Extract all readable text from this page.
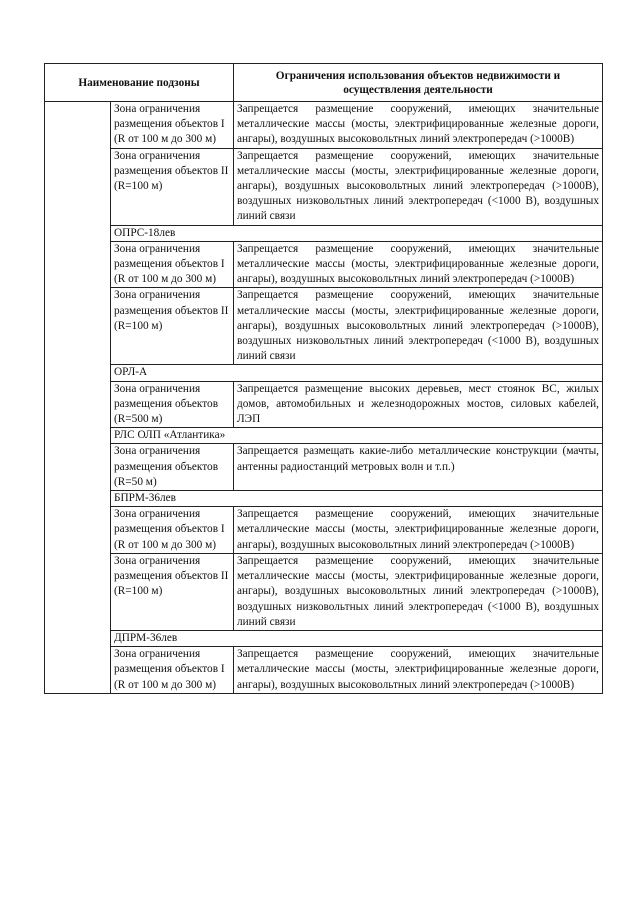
Наименование подзоны		Ограничения использования объектов недвижимости и осуществления деятельности
	Зона ограничения размещения объектов I (R от 100 м до 300 м)	Запрещается размещение сооружений, имеющих значительные металлические массы (мосты, электрифицированные железные дороги, ангары), воздушных высоковольтных линий электропередач (>1000В)
	Зона ограничения размещения объектов II (R=100 м)	Запрещается размещение сооружений, имеющих значительные металлические массы (мосты, электрифицированные железные дороги, ангары), воздушных высоковольтных линий электропередач (>1000В), воздушных низковольтных линий электропередач (<1000 В), воздушных линий связи
	ОПРС-18лев	
	Зона ограничения размещения объектов I (R от 100 м до 300 м)	Запрещается размещение сооружений, имеющих значительные металлические массы (мосты, электрифицированные железные дороги, ангары), воздушных высоковольтных линий электропередач (>1000В)
	Зона ограничения размещения объектов II (R=100 м)	Запрещается размещение сооружений, имеющих значительные металлические массы (мосты, электрифицированные железные дороги, ангары), воздушных высоковольтных линий электропередач (>1000В), воздушных низковольтных линий электропередач (<1000 В), воздушных линий связи
	ОРЛ-А	
	Зона ограничения размещения объектов (R=500 м)	Запрещается размещение высоких деревьев, мест стоянок ВС, жилых домов, автомобильных и железнодорожных мостов, силовых кабелей, ЛЭП
	РЛС ОЛП «Атлантика»	
	Зона ограничения размещения объектов (R=50 м)	Запрещается размещать какие-либо металлические конструкции (мачты, антенны радиостанций метровых волн и т.п.)
	БПРМ-36лев	
	Зона ограничения размещения объектов I (R от 100 м до 300 м)	Запрещается размещение сооружений, имеющих значительные металлические массы (мосты, электрифицированные железные дороги, ангары), воздушных высоковольтных линий электропередач (>1000В)
	Зона ограничения размещения объектов II (R=100 м)	Запрещается размещение сооружений, имеющих значительные металлические массы (мосты, электрифицированные железные дороги, ангары), воздушных высоковольтных линий электропередач (>1000В), воздушных низковольтных линий электропередач (<1000 В), воздушных линий связи
	ДПРМ-36лев	
	Зона ограничения размещения объектов I (R от 100 м до 300 м)	Запрещается размещение сооружений, имеющих значительные металлические массы (мосты, электрифицированные железные дороги, ангары), воздушных высоковольтных линий электропередач (>1000В)
